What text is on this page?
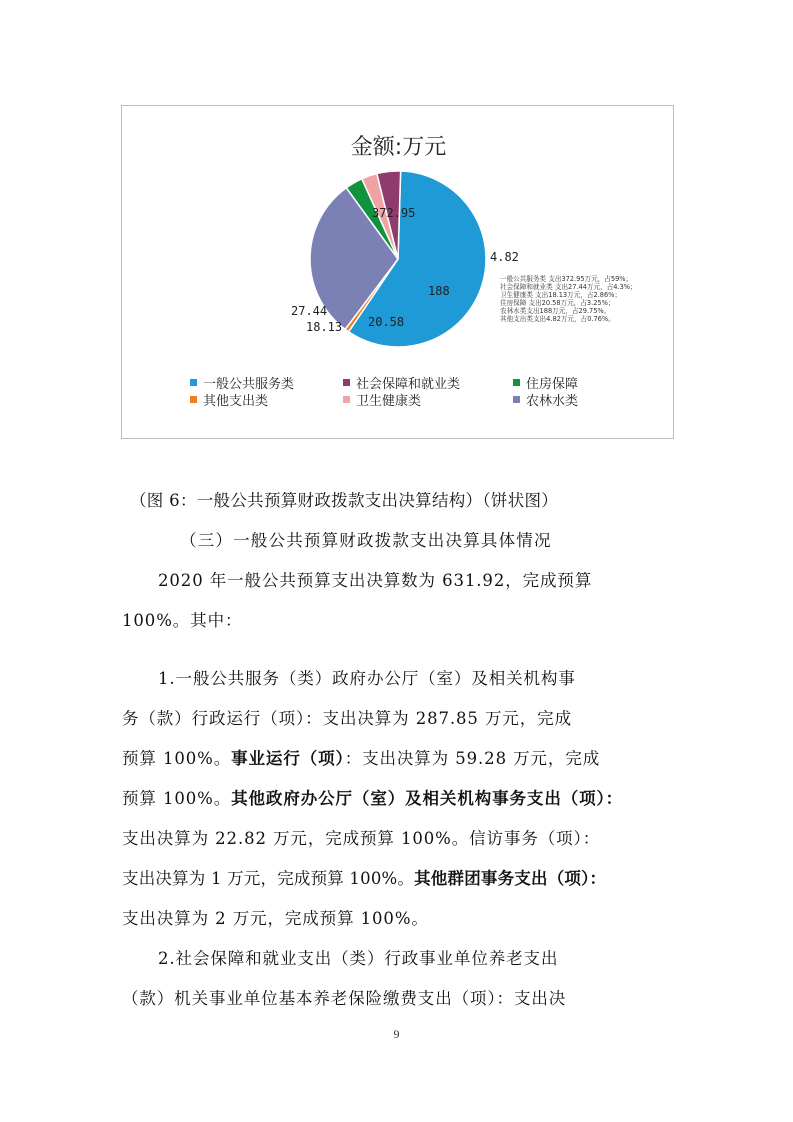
金额:万元
372.95
4.82
188
20.58
18.13
27.44
一般公共服务类 支出372.95万元，占59%；
社会保障和就业类 支出27.44万元，占4.3%；
卫生健康类 支出18.13万元，占2.86%；
住房保障 支出20.58万元，占3.25%；
农林水类支出188万元，占29.75%。
其他支出类支出4.82万元，占0.76%。
一般公共服务类	社会保障和就业类	住房保障
其他支出类	卫生健康类	农林水类
（图 6：一般公共预算财政拨款支出决算结构）（饼状图）
（三）一般公共预算财政拨款支出决算具体情况
2020 年一般公共预算支出决算数为 631.92，完成预算
100%。其中：
1.一般公共服务（类）政府办公厅（室）及相关机构事
务（款）行政运行（项）：支出决算为 287.85 万元，完成
预算 100%。事业运行（项）：支出决算为 59.28 万元，完成
预算 100%。其他政府办公厅（室）及相关机构事务支出（项）：
支出决算为 22.82 万元，完成预算 100%。信访事务（项）：
支出决算为 1 万元，完成预算 100%。其他群团事务支出（项）：
支出决算为 2 万元，完成预算 100%。
2.社会保障和就业支出（类）行政事业单位养老支出
（款）机关事业单位基本养老保险缴费支出（项）：支出决
9
